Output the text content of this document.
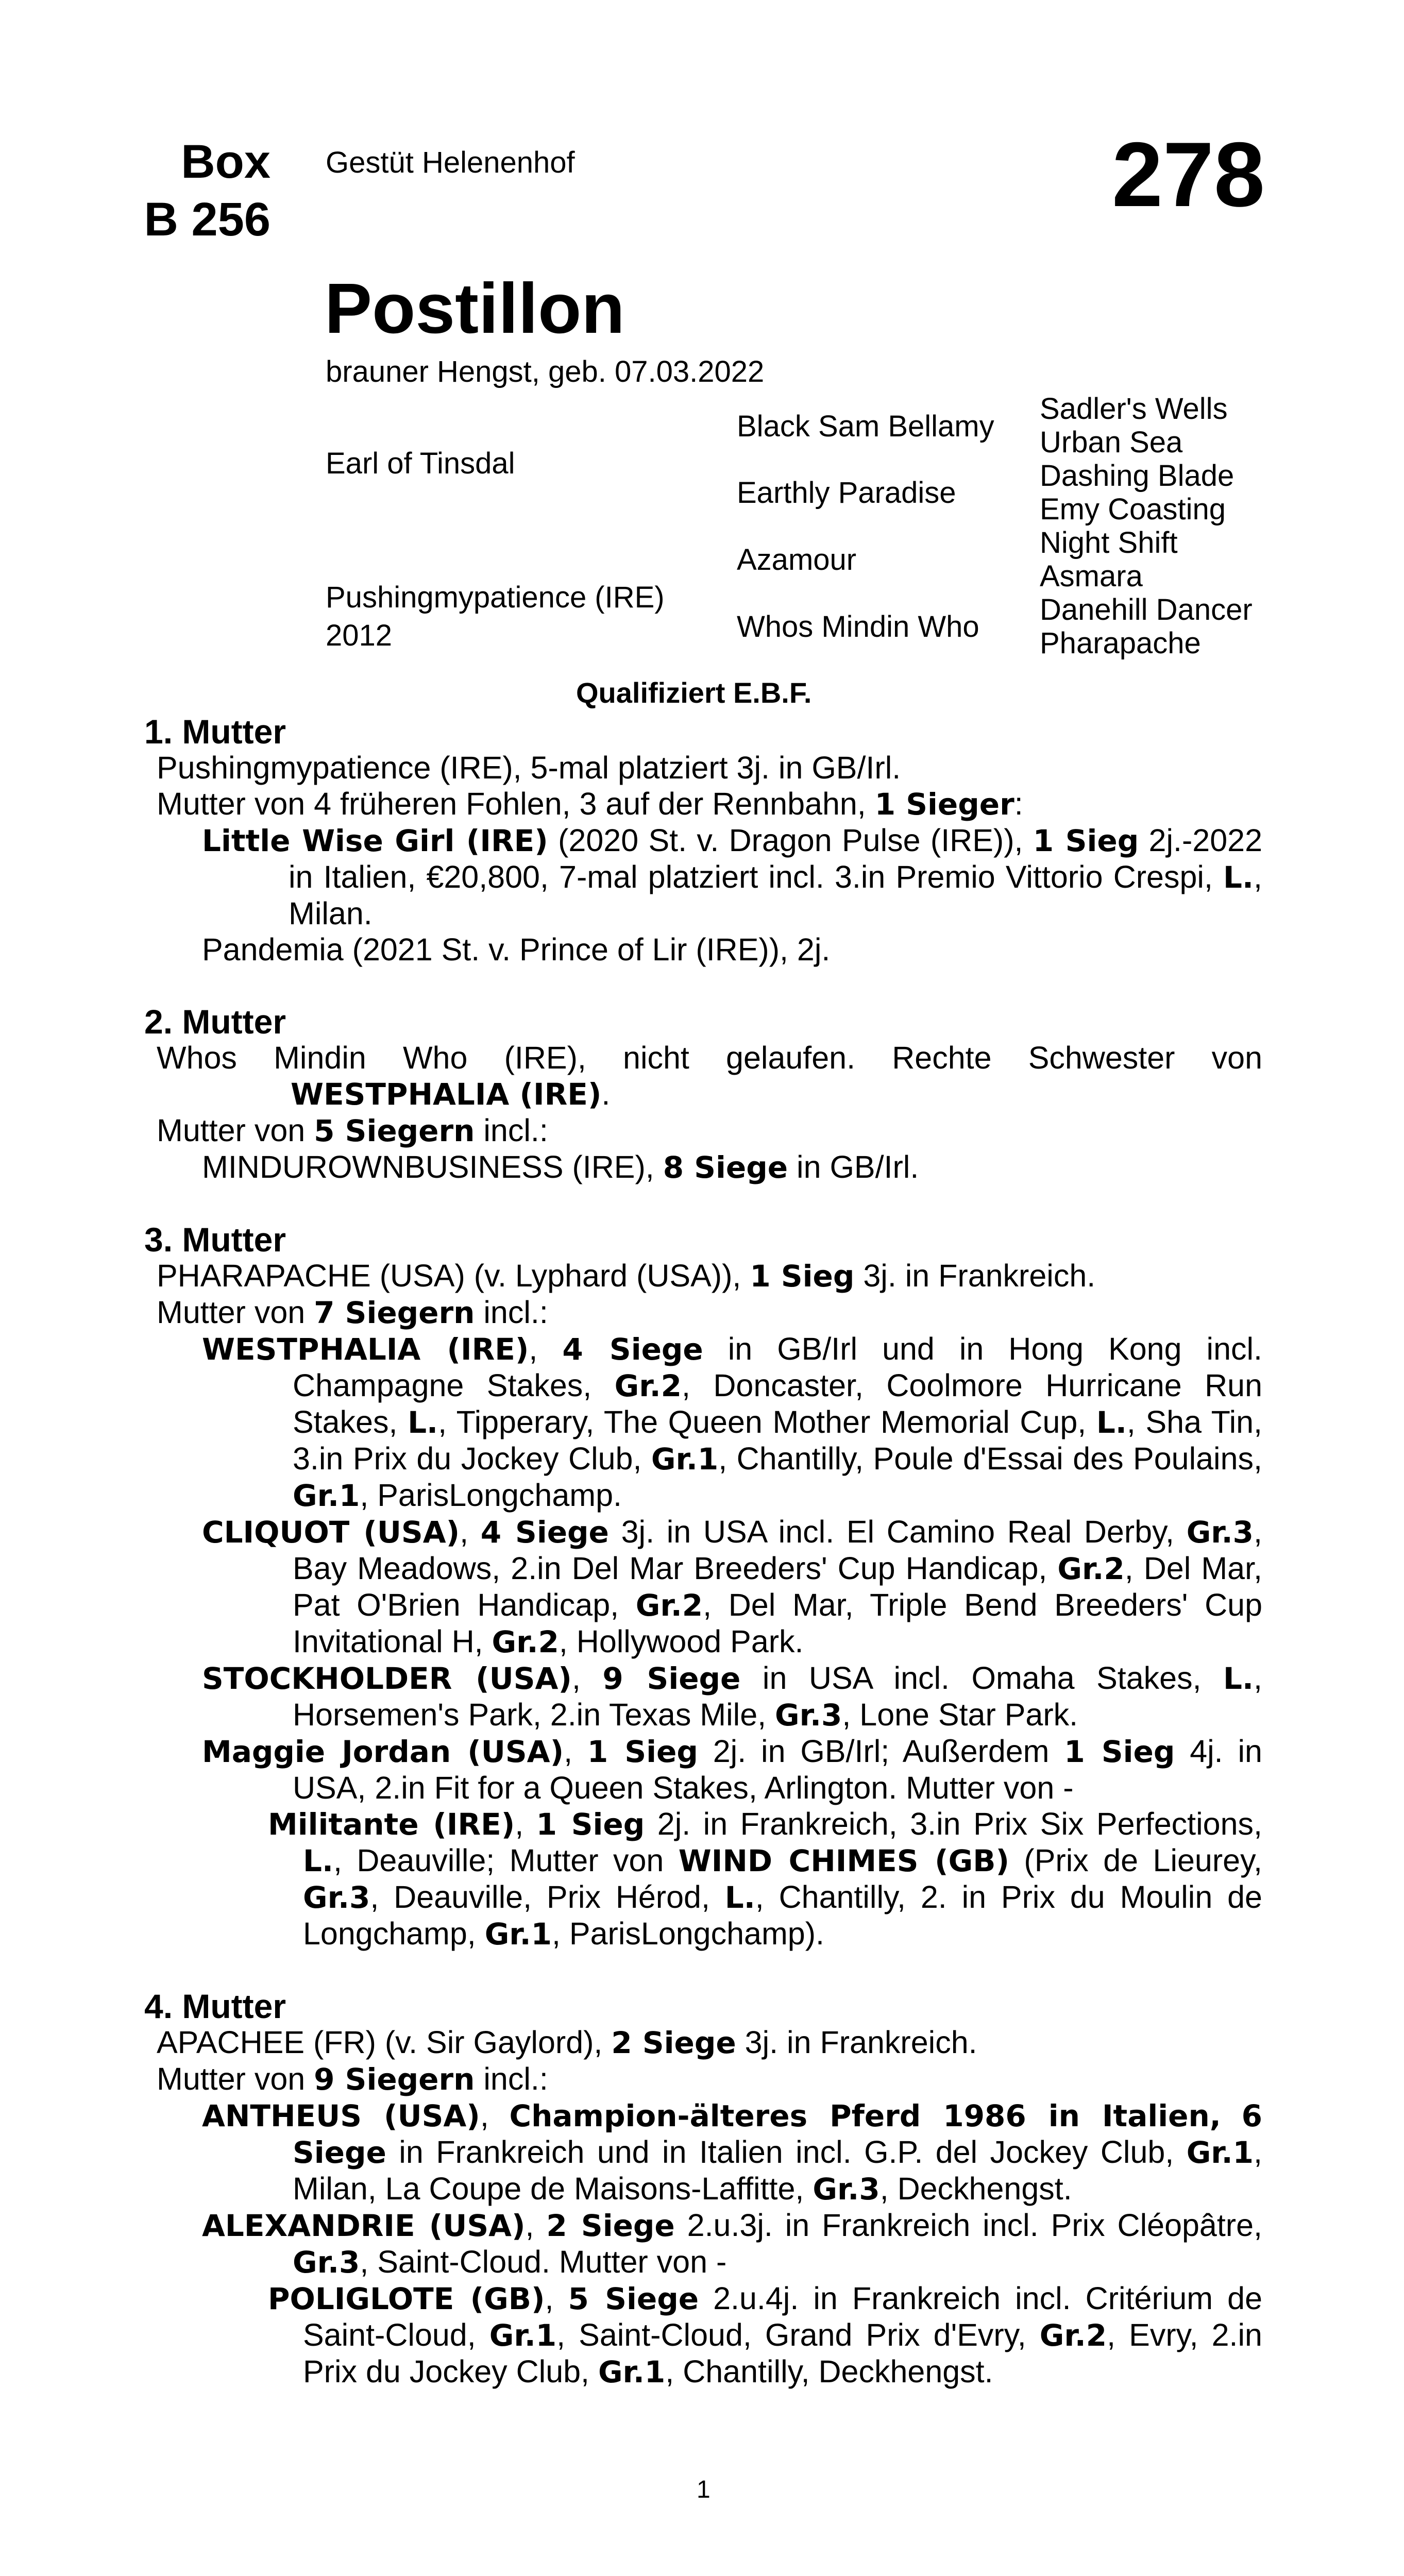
Box
B 256
Gestüt Helenenhof	278
Postillon
brauner Hengst, geb. 07.03.2022
Earl of Tinsdal
Pushingmypatience (IRE)
2012
Black Sam Bellamy
Earthly Paradise
Azamour
Whos Mindin Who
Sadler's Wells
Urban Sea
Dashing Blade
Emy Coasting
Night Shift
Asmara
Danehill Dancer
Pharapache
Qualifiziert E.B.F.
1. Mutter
Pushingmypatience (IRE), 5-mal platziert 3j. in GB/Irl.
Mutter von 4 früheren Fohlen, 3 auf der Rennbahn, 1 Sieger:
Little Wise Girl (IRE) (2020 St. v. Dragon Pulse (IRE)), 1 Sieg 2j.-2022 in Italien, €20,800, 7-mal platziert incl. 3.in Premio Vittorio Crespi, L., Milan.
Pandemia (2021 St. v. Prince of Lir (IRE)), 2j.
2. Mutter
Whos Mindin Who (IRE), nicht gelaufen. Rechte Schwester von
WESTPHALIA (IRE).
Mutter von 5 Siegern incl.:
MINDUROWNBUSINESS (IRE), 8 Siege in GB/Irl.
3. Mutter
PHARAPACHE (USA) (v. Lyphard (USA)), 1 Sieg 3j. in Frankreich.
Mutter von 7 Siegern incl.:
WESTPHALIA (IRE), 4 Siege in GB/Irl und in Hong Kong incl. Champagne Stakes, Gr.2, Doncaster, Coolmore Hurricane Run Stakes, L., Tipperary, The Queen Mother Memorial Cup, L., Sha Tin, 3.in Prix du Jockey Club, Gr.1, Chantilly, Poule d'Essai des Poulains, Gr.1, ParisLongchamp.
CLIQUOT (USA), 4 Siege 3j. in USA incl. El Camino Real Derby, Gr.3, Bay Meadows, 2.in Del Mar Breeders' Cup Handicap, Gr.2, Del Mar, Pat O'Brien Handicap, Gr.2, Del Mar, Triple Bend Breeders' Cup Invitational H, Gr.2, Hollywood Park.
STOCKHOLDER (USA), 9 Siege in USA incl. Omaha Stakes, L., Horsemen's Park, 2.in Texas Mile, Gr.3, Lone Star Park.
Maggie Jordan (USA), 1 Sieg 2j. in GB/Irl; Außerdem 1 Sieg 4j. in USA, 2.in Fit for a Queen Stakes, Arlington. Mutter von -
Militante (IRE), 1 Sieg 2j. in Frankreich, 3.in Prix Six Perfections, L., Deauville; Mutter von WIND CHIMES (GB) (Prix de Lieurey, Gr.3, Deauville, Prix Hérod, L., Chantilly, 2. in Prix du Moulin de Longchamp, Gr.1, ParisLongchamp).
4. Mutter
APACHEE (FR) (v. Sir Gaylord), 2 Siege 3j. in Frankreich.
Mutter von 9 Siegern incl.:
ANTHEUS (USA), Champion-älteres Pferd 1986 in Italien, 6 Siege in Frankreich und in Italien incl. G.P. del Jockey Club, Gr.1, Milan, La Coupe de Maisons-Laffitte, Gr.3, Deckhengst.
ALEXANDRIE (USA), 2 Siege 2.u.3j. in Frankreich incl. Prix Cléopâtre, Gr.3, Saint-Cloud. Mutter von -
POLIGLOTE (GB), 5 Siege 2.u.4j. in Frankreich incl. Critérium de Saint-Cloud, Gr.1, Saint-Cloud, Grand Prix d'Evry, Gr.2, Evry, 2.in Prix du Jockey Club, Gr.1, Chantilly, Deckhengst.
1
